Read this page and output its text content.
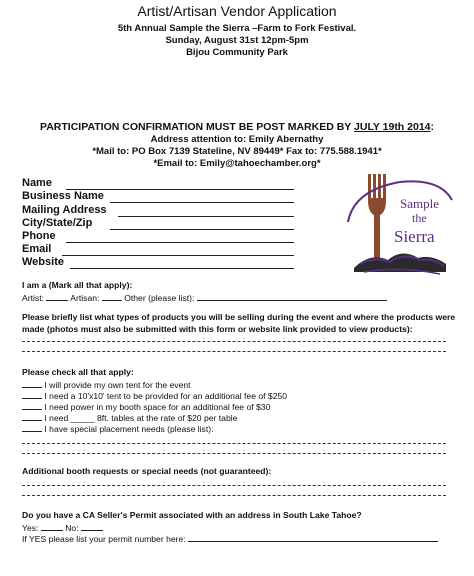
Artist/Artisan Vendor Application
5th Annual Sample the Sierra –Farm to Fork Festival.
Sunday, August 31st 12pm-5pm
Bijou Community Park
PARTICIPATION CONFIRMATION MUST BE POST MARKED BY JULY 19th 2014:
Address attention to: Emily Abernathy
*Mail to: PO Box 7139 Stateline, NV 89449* Fax to: 775.588.1941*
*Email to: Emily@tahoechamber.org*
Name
Business Name
Mailing Address
City/State/Zip
Phone
Email
Website
Sample
the
Sierra
I am a (Mark all that apply):
Artist:	Artisan:	Other (please list):
Please briefly list what types of products you will be selling during the event and where the products were
made (photos must also be submitted with this form or website link provided to view products):
Please check all that apply:
I will provide my own tent for the event
I need a 10'x10' tent to be provided for an additional fee of $250
I need power in my booth space for an additional fee of $30
I need _____ 8ft. tables at the rate of $20 per table
I have special placement needs (please list):
Additional booth requests or special needs (not guaranteed):
Do you have a CA Seller's Permit associated with an address in South Lake Tahoe?
Yes:	No:
If YES please list your permit number here:
